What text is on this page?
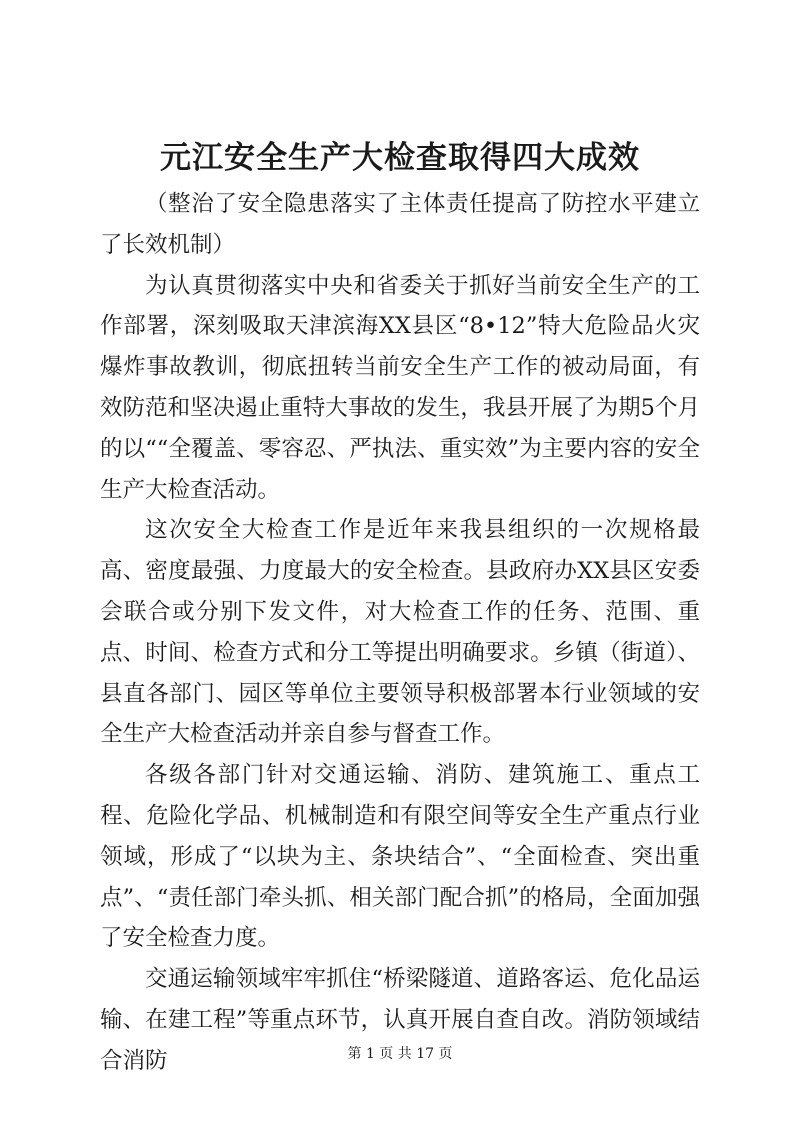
元江安全生产大检查取得四大成效

（整治了安全隐患落实了主体责任提高了防控水平建立了长效机制）

为认真贯彻落实中央和省委关于抓好当前安全生产的工作部署，深刻吸取天津滨海XX县区“8•12”特大危险品火灾爆炸事故教训，彻底扭转当前安全生产工作的被动局面，有效防范和坚决遏止重特大事故的发生，我县开展了为期5个月的以““全覆盖、零容忍、严执法、重实效”为主要内容的安全生产大检查活动。

这次安全大检查工作是近年来我县组织的一次规格最高、密度最强、力度最大的安全检查。县政府办XX县区安委会联合或分别下发文件，对大检查工作的任务、范围、重点、时间、检查方式和分工等提出明确要求。乡镇（街道）、县直各部门、园区等单位主要领导积极部署本行业领域的安全生产大检查活动并亲自参与督查工作。

各级各部门针对交通运输、消防、建筑施工、重点工程、危险化学品、机械制造和有限空间等安全生产重点行业领域，形成了“以块为主、条块结合”、“全面检查、突出重点”、“责任部门牵头抓、相关部门配合抓”的格局，全面加强了安全检查力度。

交通运输领域牢牢抓住“桥梁隧道、道路客运、危化品运输、在建工程”等重点环节，认真开展自查自改。消防领域结合消防	第 1 页 共 17 页
